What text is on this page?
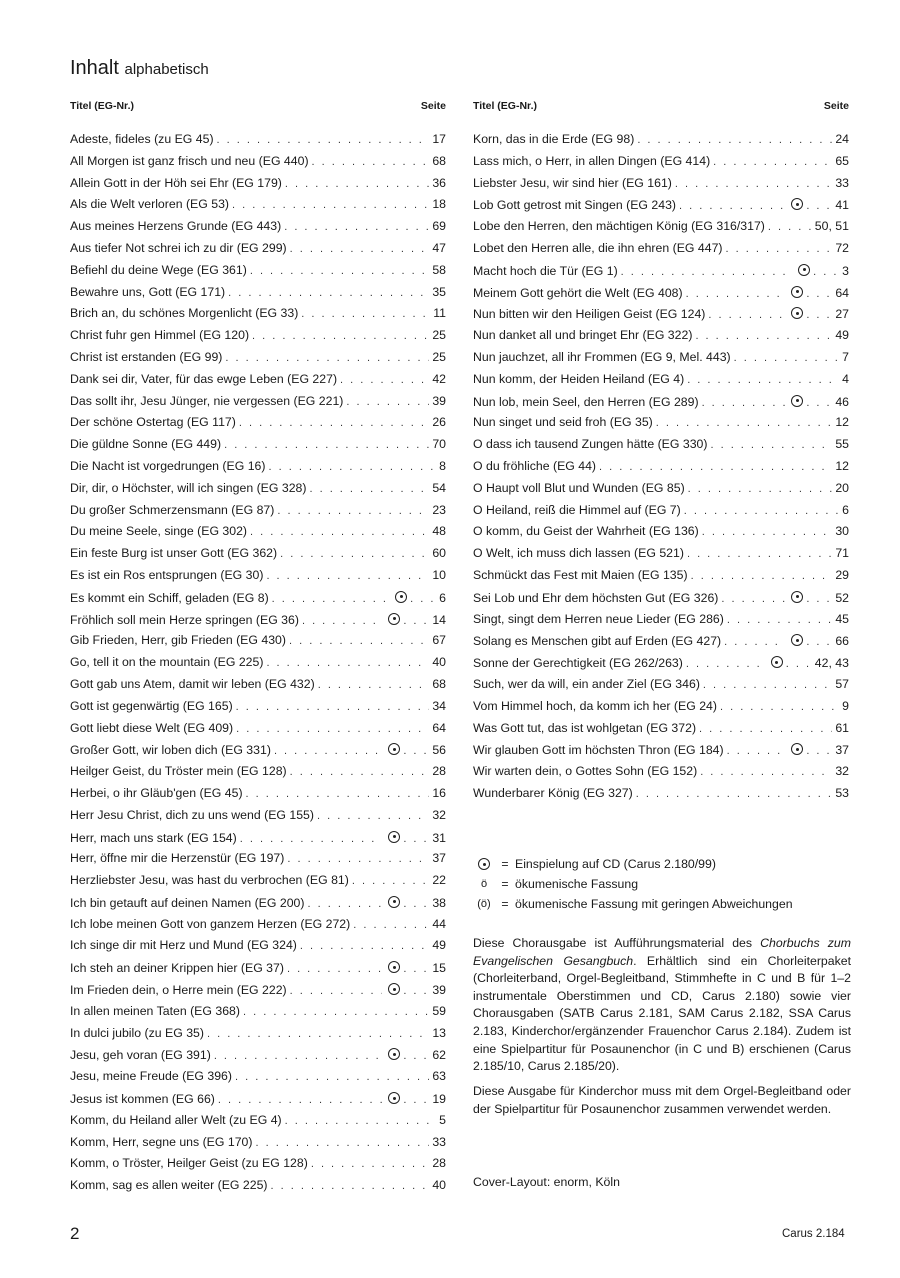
Inhalt alphabetisch
Titel (EG-Nr.)	Seite
Adeste, fideles (zu EG 45) . . .	17
All Morgen ist ganz frisch und neu (EG 440) . . .	68
Allein Gott in der Höh sei Ehr (EG 179) . . .	36
Als die Welt verloren (EG 53) . . .	18
Aus meines Herzens Grunde (EG 443) . . .	69
Aus tiefer Not schrei ich zu dir (EG 299) . . .	47
Befiehl du deine Wege (EG 361) . . .	58
Bewahre uns, Gott (EG 171) . . .	35
Brich an, du schönes Morgenlicht (EG 33) . . .	11
Christ fuhr gen Himmel (EG 120) . . .	25
Christ ist erstanden (EG 99) . . .	25
Dank sei dir, Vater, für das ewge Leben (EG 227) . . .	42
Das sollt ihr, Jesu Jünger, nie vergessen (EG 221) . . .	39
Der schöne Ostertag (EG 117) . . .	26
Die güldne Sonne (EG 449) . . .	70
Die Nacht ist vorgedrungen (EG 16) . . .	8
Dir, dir, o Höchster, will ich singen (EG 328) . . .	54
Du großer Schmerzensmann (EG 87) . . .	23
Du meine Seele, singe (EG 302) . . .	48
Ein feste Burg ist unser Gott (EG 362) . . .	60
Es ist ein Ros entsprungen (EG 30) . . .	10
Es kommt ein Schiff, geladen (EG 8) . . . . . .	6
Fröhlich soll mein Herze springen (EG 36) . . . . . .	14
Gib Frieden, Herr, gib Frieden (EG 430) . . .	67
Go, tell it on the mountain (EG 225) . . .	40
Gott gab uns Atem, damit wir leben (EG 432) . . .	68
Gott ist gegenwärtig (EG 165) . . .	34
Gott liebt diese Welt (EG 409) . . .	64
Großer Gott, wir loben dich (EG 331) . . . . . .	56
Heilger Geist, du Tröster mein (EG 128) . . .	28
Herbei, o ihr Gläub'gen (EG 45) . . .	16
Herr Jesu Christ, dich zu uns wend (EG 155) . . .	32
Herr, mach uns stark (EG 154) . . . . . .	31
Herr, öffne mir die Herzenstür (EG 197) . . .	37
Herzliebster Jesu, was hast du verbrochen (EG 81) . . .	22
Ich bin getauft auf deinen Namen (EG 200) . . . . . .	38
Ich lobe meinen Gott von ganzem Herzen (EG 272) . . .	44
Ich singe dir mit Herz und Mund (EG 324) . . .	49
Ich steh an deiner Krippen hier (EG 37) . . . . . .	15
Im Frieden dein, o Herre mein (EG 222) . . . . . .	39
In allen meinen Taten (EG 368) . . .	59
In dulci jubilo (zu EG 35) . . .	13
Jesu, geh voran (EG 391) . . . . . .	62
Jesu, meine Freude (EG 396) . . .	63
Jesus ist kommen (EG 66) . . . . . .	19
Komm, du Heiland aller Welt (zu EG 4) . . .	5
Komm, Herr, segne uns (EG 170) . . .	33
Komm, o Tröster, Heilger Geist (zu EG 128) . . .	28
Komm, sag es allen weiter (EG 225) . . .	40
Titel (EG-Nr.)	Seite
Korn, das in die Erde (EG 98) . . .	24
Lass mich, o Herr, in allen Dingen (EG 414) . . .	65
Liebster Jesu, wir sind hier (EG 161) . . .	33
Lob Gott getrost mit Singen (EG 243) . . . . . .	41
Lobe den Herren, den mächtigen König (EG 316/317) . . .	50, 51
Lobet den Herren alle, die ihn ehren (EG 447) . . .	72
Macht hoch die Tür (EG 1) . . . . . .	3
Meinem Gott gehört die Welt (EG 408) . . . . . .	64
Nun bitten wir den Heiligen Geist (EG 124) . . . . . .	27
Nun danket all und bringet Ehr (EG 322) . . .	49
Nun jauchzet, all ihr Frommen (EG 9, Mel. 443) . . .	7
Nun komm, der Heiden Heiland (EG 4) . . .	4
Nun lob, mein Seel, den Herren (EG 289) . . . . . .	46
Nun singet und seid froh (EG 35) . . .	12
O dass ich tausend Zungen hätte (EG 330) . . .	55
O du fröhliche (EG 44) . . .	12
O Haupt voll Blut und Wunden (EG 85) . . .	20
O Heiland, reiß die Himmel auf (EG 7) . . .	6
O komm, du Geist der Wahrheit (EG 136) . . .	30
O Welt, ich muss dich lassen (EG 521) . . .	71
Schmückt das Fest mit Maien (EG 135) . . .	29
Sei Lob und Ehr dem höchsten Gut (EG 326) . . . . . .	52
Singt, singt dem Herren neue Lieder (EG 286) . . .	45
Solang es Menschen gibt auf Erden (EG 427) . . . . . .	66
Sonne der Gerechtigkeit (EG 262/263) . . . . . .	42, 43
Such, wer da will, ein ander Ziel (EG 346) . . .	57
Vom Himmel hoch, da komm ich her (EG 24) . . .	9
Was Gott tut, das ist wohlgetan (EG 372) . . .	61
Wir glauben Gott im höchsten Thron (EG 184) . . . . . .	37
Wir warten dein, o Gottes Sohn (EG 152) . . .	32
Wunderbarer König (EG 327) . . .	53
= Einspielung auf CD (Carus 2.180/99)
ö	= ökumenische Fassung
(ö) = ökumenische Fassung mit geringen Abweichungen

Diese Chorausgabe ist Aufführungsmaterial des Chorbuchs zum Evangelischen Gesangbuch. Erhältlich sind ein Chorleiterpaket (Chorleiterband, Orgel-Begleitband, Stimmhefte in C und B für 1–2 instrumentale Oberstimmen und CD, Carus 2.180) sowie vier Chorausgaben (SATB Carus 2.181, SAM Carus 2.182, SSA Carus 2.183, Kinderchor/ergänzender Frauenchor Carus 2.184). Zudem ist eine Spielpartitur für Posaunenchor (in C und B) erschienen (Carus 2.185/10, Carus 2.185/20).

Diese Ausgabe für Kinderchor muss mit dem Orgel-Begleitband oder der Spielpartitur für Posaunenchor zusammen verwendet werden.

Cover-Layout: enorm, Köln

2	Carus 2.184
